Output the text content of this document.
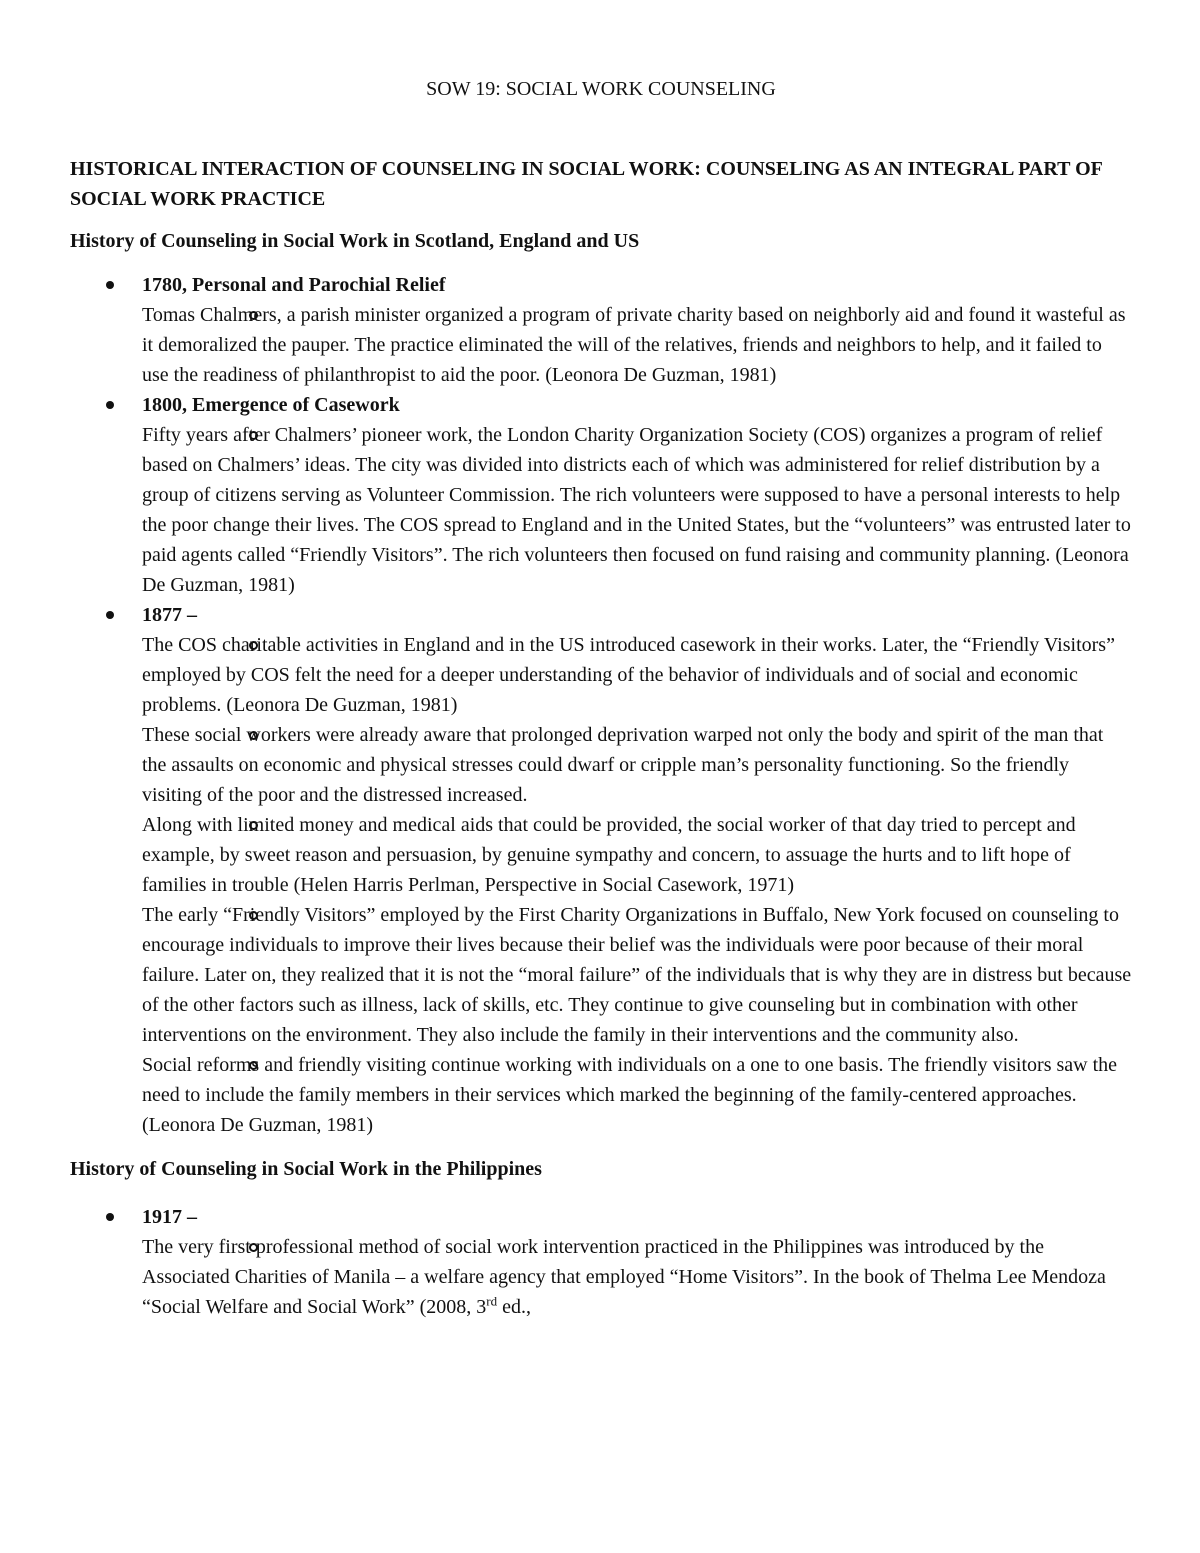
SOW 19: SOCIAL WORK COUNSELING
HISTORICAL INTERACTION OF COUNSELING IN SOCIAL WORK: COUNSELING AS AN INTEGRAL PART OF SOCIAL WORK PRACTICE
History of Counseling in Social Work in Scotland, England and US
1780, Personal and Parochial Relief
Tomas Chalmers, a parish minister organized a program of private charity based on neighborly aid and found it wasteful as it demoralized the pauper. The practice eliminated the will of the relatives, friends and neighbors to help, and it failed to use the readiness of philanthropist to aid the poor. (Leonora De Guzman, 1981)
1800, Emergence of Casework
Fifty years after Chalmers’ pioneer work, the London Charity Organization Society (COS) organizes a program of relief based on Chalmers’ ideas. The city was divided into districts each of which was administered for relief distribution by a group of citizens serving as Volunteer Commission. The rich volunteers were supposed to have a personal interests to help the poor change their lives. The COS spread to England and in the United States, but the “volunteers” was entrusted later to paid agents called “Friendly Visitors”. The rich volunteers then focused on fund raising and community planning. (Leonora De Guzman, 1981)
1877 –
The COS charitable activities in England and in the US introduced casework in their works. Later, the “Friendly Visitors” employed by COS felt the need for a deeper understanding of the behavior of individuals and of social and economic problems. (Leonora De Guzman, 1981)
These social workers were already aware that prolonged deprivation warped not only the body and spirit of the man that the assaults on economic and physical stresses could dwarf or cripple man’s personality functioning. So the friendly visiting of the poor and the distressed increased.
Along with limited money and medical aids that could be provided, the social worker of that day tried to percept and example, by sweet reason and persuasion, by genuine sympathy and concern, to assuage the hurts and to lift hope of families in trouble (Helen Harris Perlman, Perspective in Social Casework, 1971)
The early “Friendly Visitors” employed by the First Charity Organizations in Buffalo, New York focused on counseling to encourage individuals to improve their lives because their belief was the individuals were poor because of their moral failure. Later on, they realized that it is not the “moral failure” of the individuals that is why they are in distress but because of the other factors such as illness, lack of skills, etc. They continue to give counseling but in combination with other interventions on the environment. They also include the family in their interventions and the community also.
Social reforms and friendly visiting continue working with individuals on a one to one basis. The friendly visitors saw the need to include the family members in their services which marked the beginning of the family-centered approaches. (Leonora De Guzman, 1981)
History of Counseling in Social Work in the Philippines
1917 –
The very first professional method of social work intervention practiced in the Philippines was introduced by the Associated Charities of Manila – a welfare agency that employed “Home Visitors”. In the book of Thelma Lee Mendoza “Social Welfare and Social Work” (2008, 3rd ed.,
